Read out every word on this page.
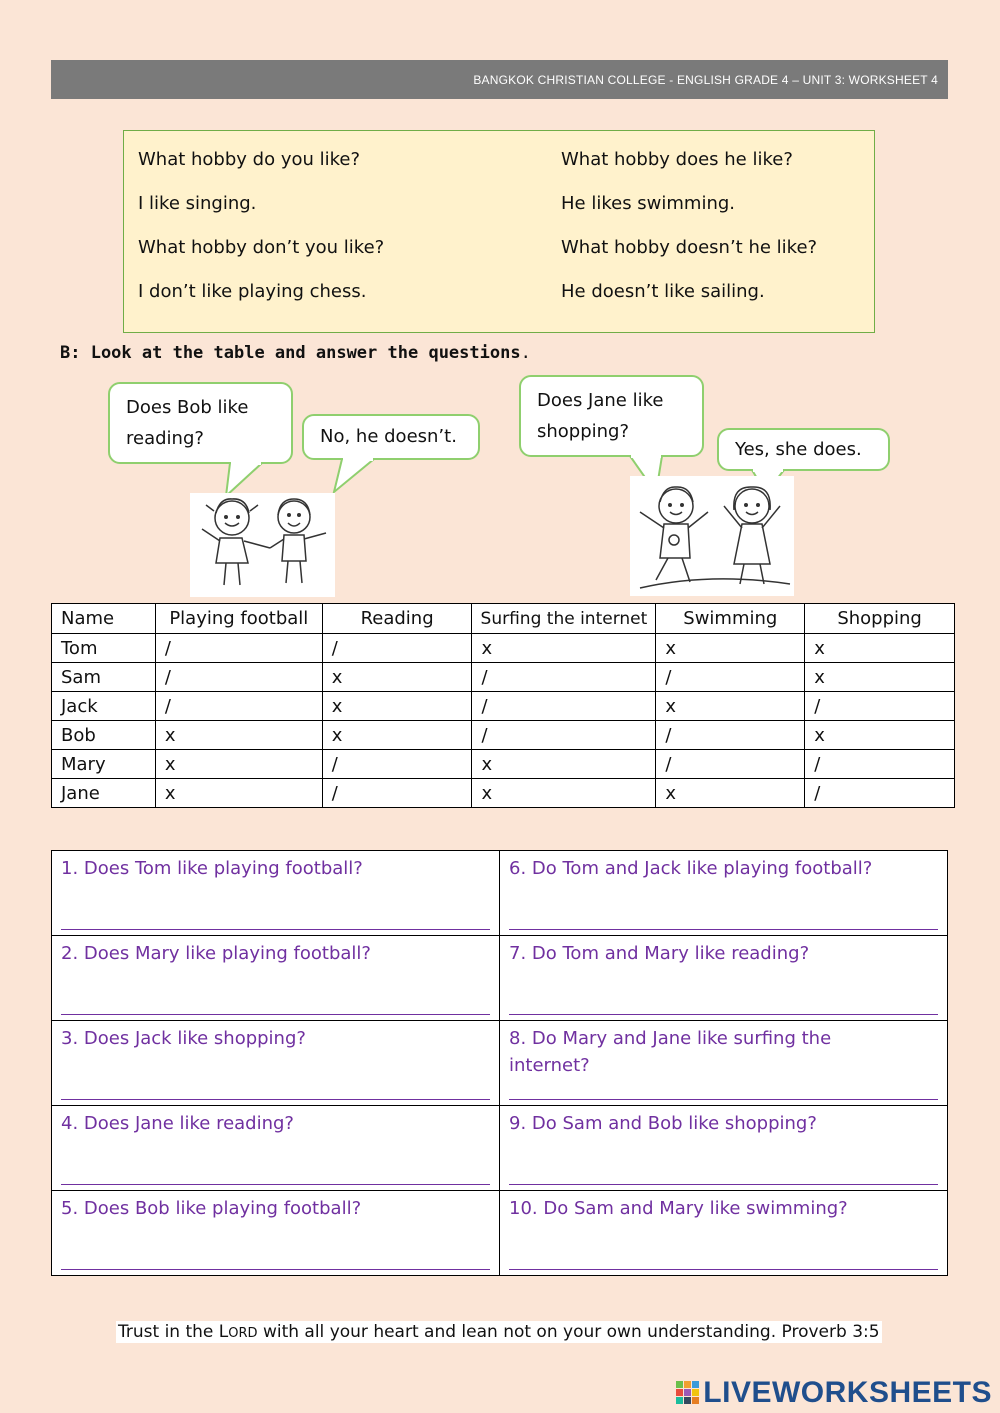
BANGKOK CHRISTIAN COLLEGE - ENGLISH GRADE 4 – UNIT 3: WORKSHEET 4
What hobby do you like?
I like singing.
What hobby don’t you like?
I don’t like playing chess.
What hobby does he like?
He likes swimming.
What hobby doesn’t he like?
He doesn’t like sailing.
B: Look at the table and answer the questions.
Does Bob like
reading?	No, he doesn’t.
Does Jane like
shopping?
Yes, she does.
Name	Playing football	Reading	Surfing the internet	Swimming	Shopping
Tom	/	/	x	x	x
Sam	/	x	/	/	x
Jack	/	x	/	x	/
Bob	x	x	/	/	x
Mary	x	/	x	/	/
Jane	x	/	x	x	/
1. Does Tom like playing football?	6. Do Tom and Jack like playing football?

2. Does Mary like playing football?	7. Do Tom and Mary like reading?

3. Does Jack like shopping?	8. Do Mary and Jane like surfing the internet?

4. Does Jane like reading?	9. Do Sam and Bob like shopping?

5. Does Bob like playing football?	10. Do Sam and Mary like swimming?
Trust in the LORD with all your heart and lean not on your own understanding. Proverb 3:5
LIVEWORKSHEETS
